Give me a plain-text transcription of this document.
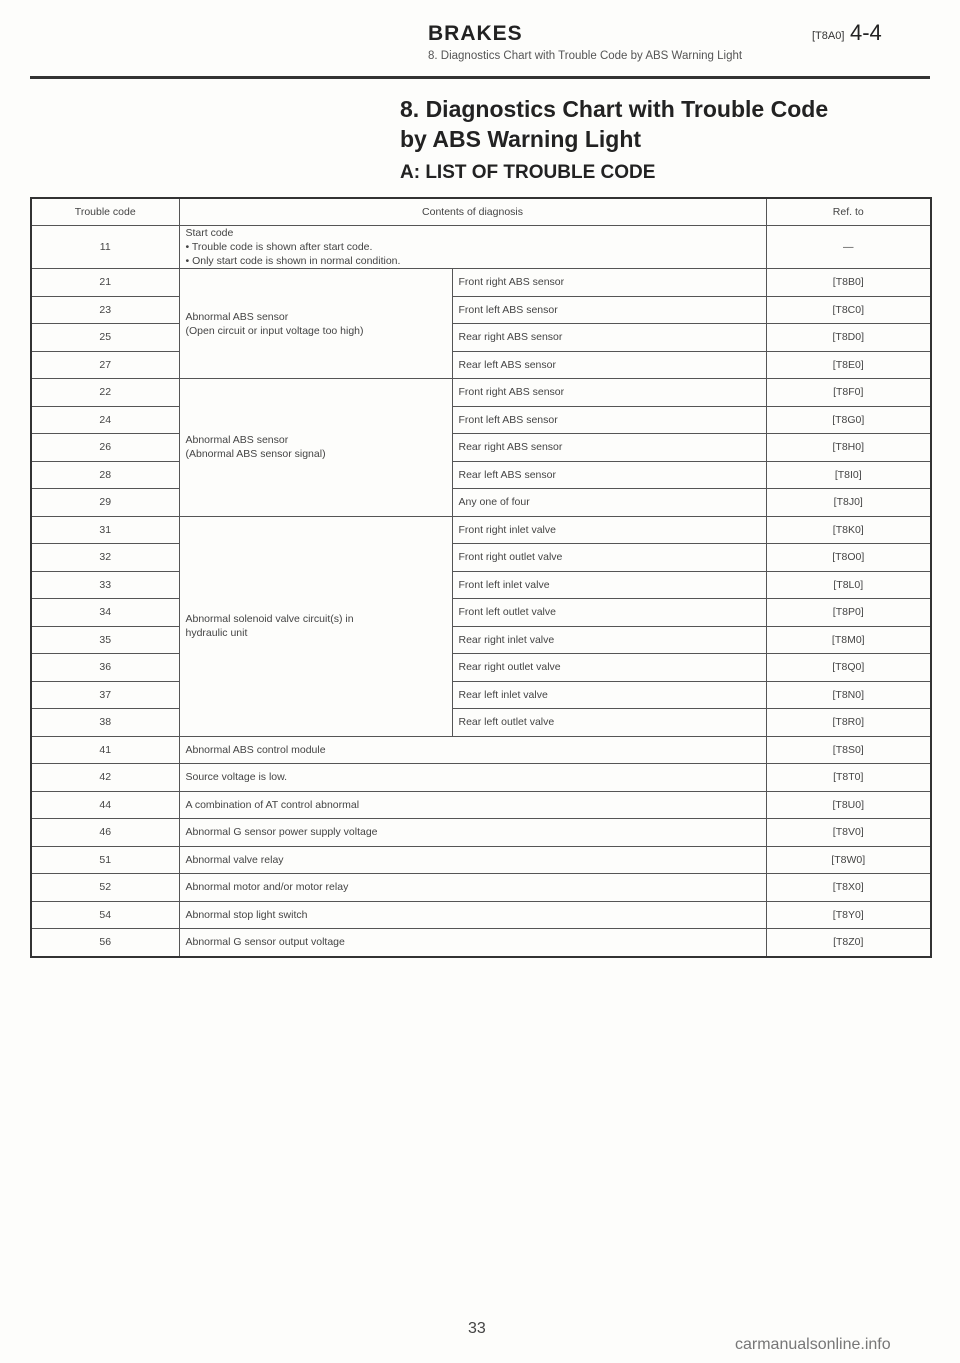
BRAKES	[T8A0] 4-4
8. Diagnostics Chart with Trouble Code by ABS Warning Light
8. Diagnostics Chart with Trouble Code
by ABS Warning Light
A: LIST OF TROUBLE CODE
Trouble code	Contents of diagnosis		Ref. to
11	Start code
• Trouble code is shown after start code.
• Only start code is shown in normal condition.		—
21	Abnormal ABS sensor
(Open circuit or input voltage too high)	Front right ABS sensor	[T8B0]
23		Front left ABS sensor	[T8C0]
25		Rear right ABS sensor	[T8D0]
27		Rear left ABS sensor	[T8E0]
22	Abnormal ABS sensor
(Abnormal ABS sensor signal)	Front right ABS sensor	[T8F0]
24		Front left ABS sensor	[T8G0]
26		Rear right ABS sensor	[T8H0]
28		Rear left ABS sensor	[T8I0]
29		Any one of four	[T8J0]
31	Abnormal solenoid valve circuit(s) in
hydraulic unit	Front right inlet valve	[T8K0]
32		Front right outlet valve	[T8O0]
33		Front left inlet valve	[T8L0]
34		Front left outlet valve	[T8P0]
35		Rear right inlet valve	[T8M0]
36		Rear right outlet valve	[T8Q0]
37		Rear left inlet valve	[T8N0]
38		Rear left outlet valve	[T8R0]
41	Abnormal ABS control module		[T8S0]
42	Source voltage is low.		[T8T0]
44	A combination of AT control abnormal		[T8U0]
46	Abnormal G sensor power supply voltage		[T8V0]
51	Abnormal valve relay		[T8W0]
52	Abnormal motor and/or motor relay		[T8X0]
54	Abnormal stop light switch		[T8Y0]
56	Abnormal G sensor output voltage		[T8Z0]
33
carmanualsonline.info
